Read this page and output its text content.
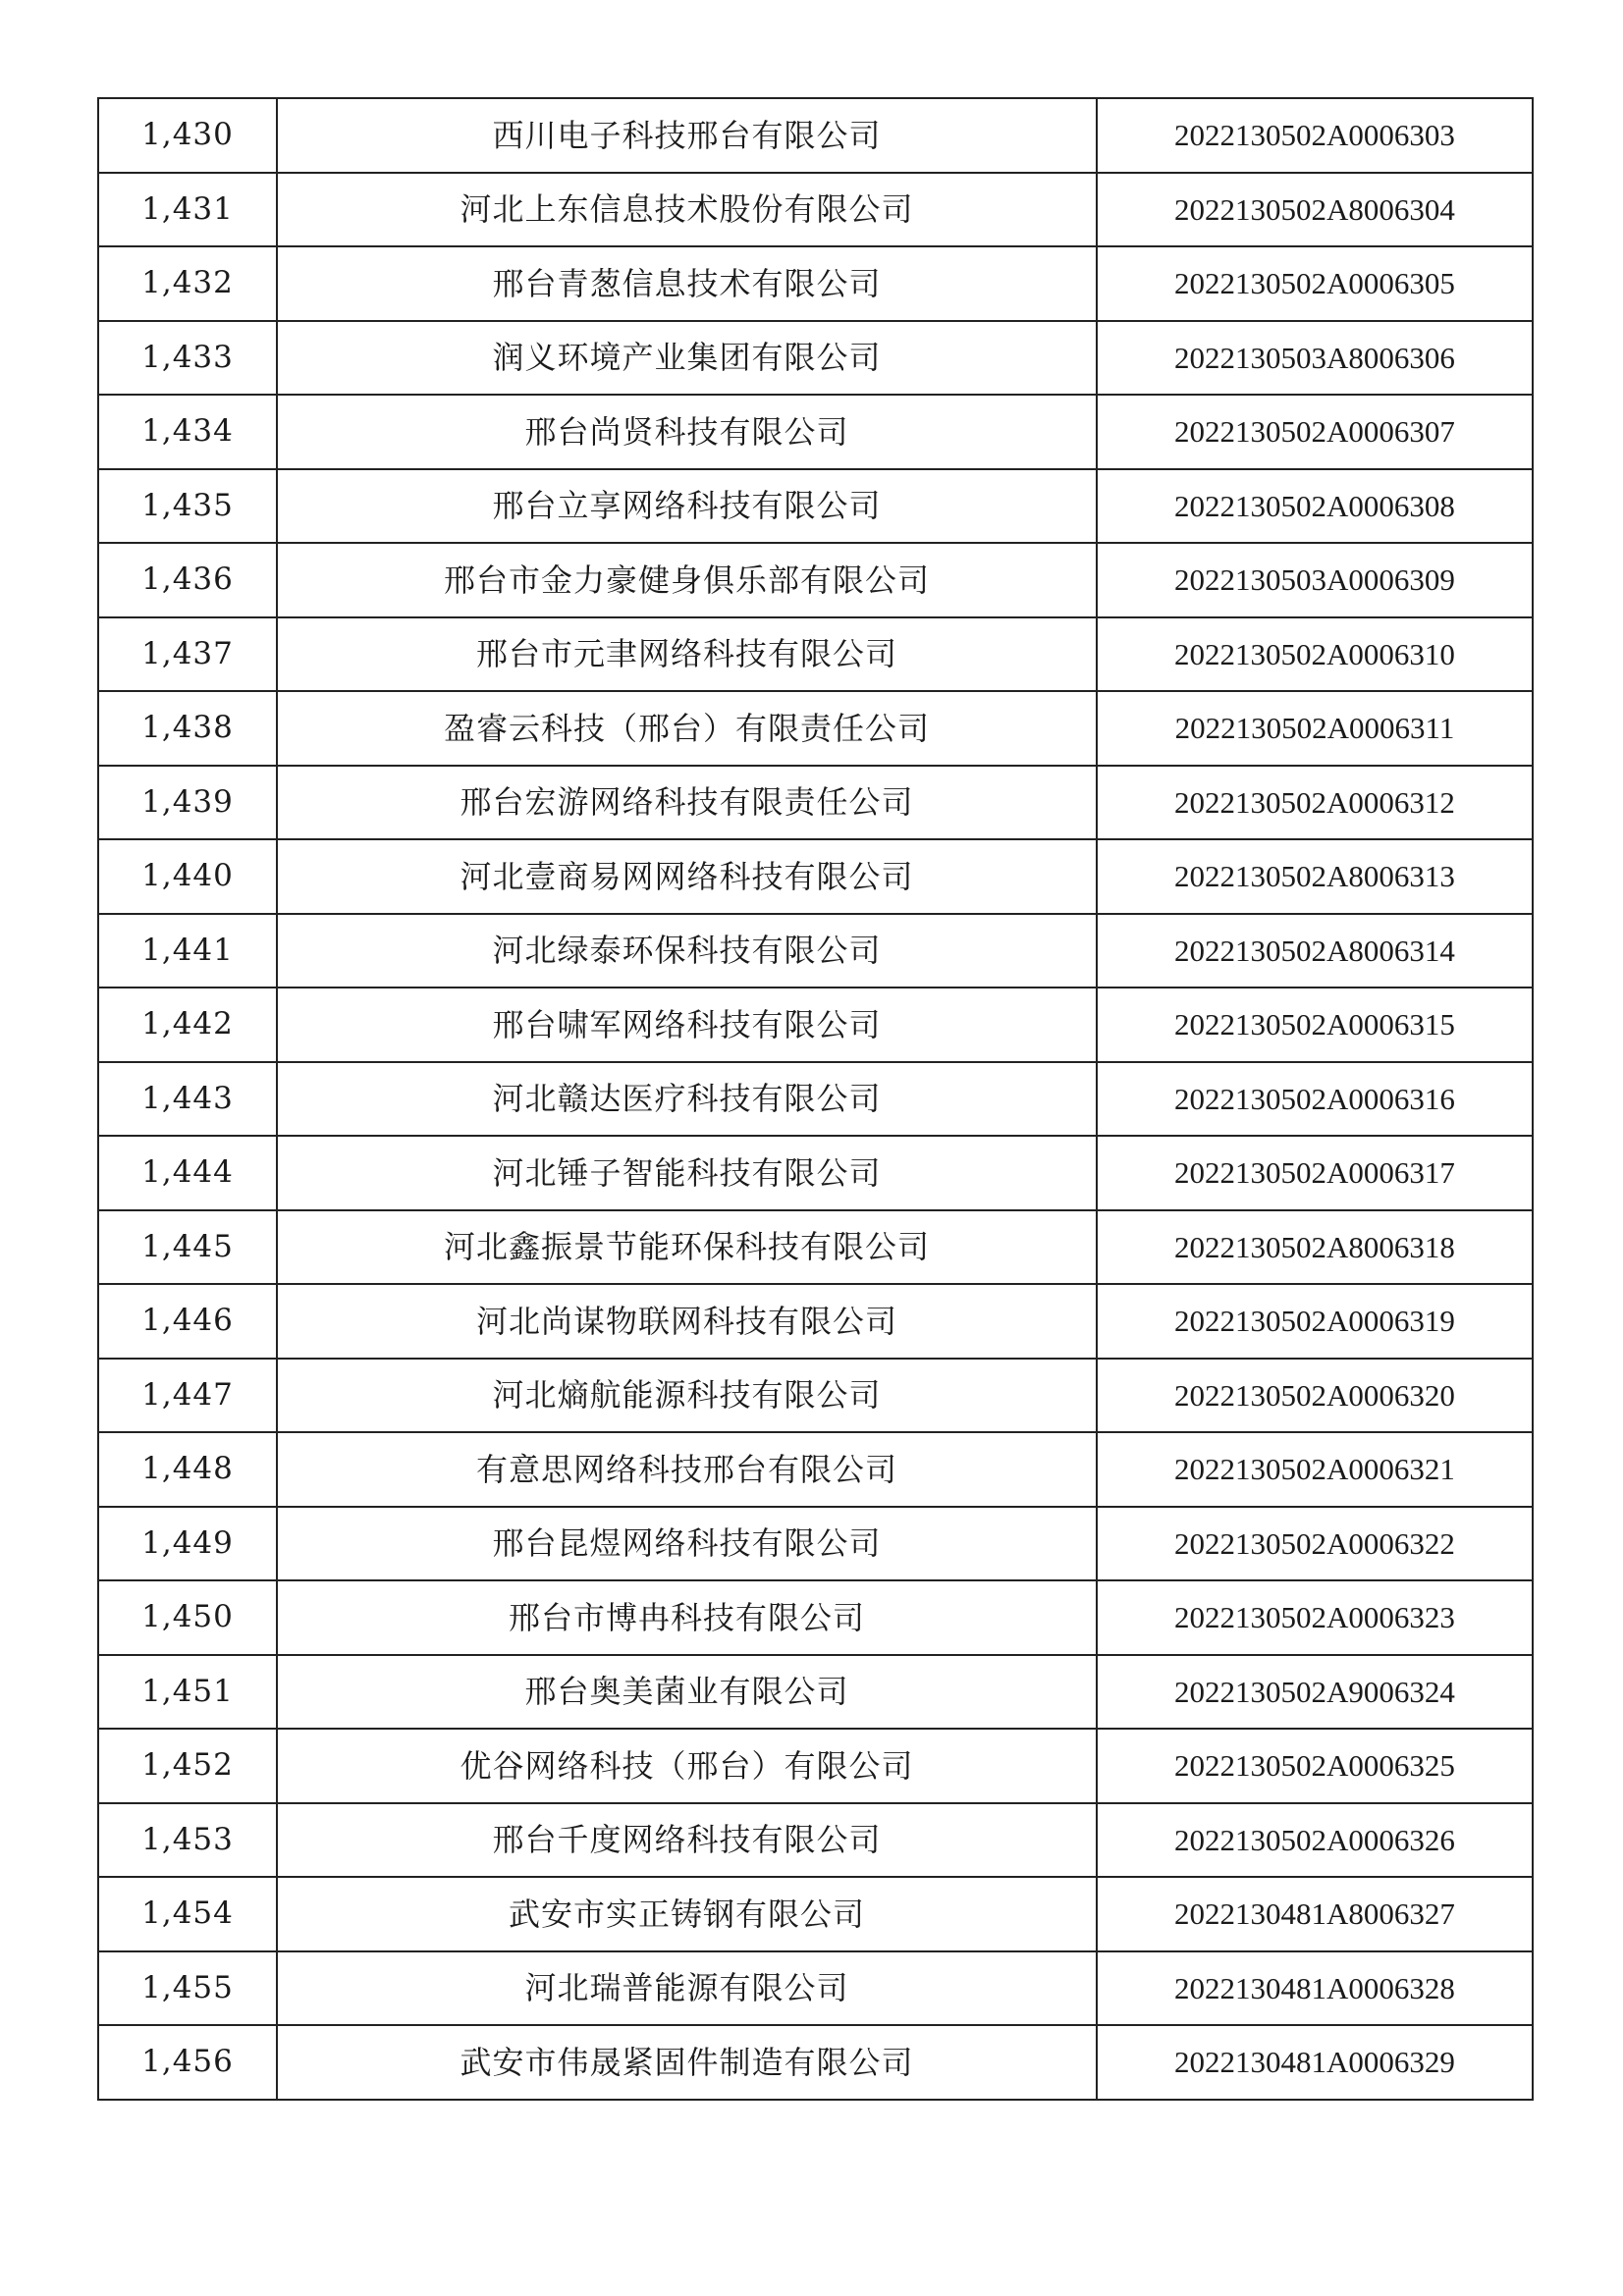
1,430	西川电子科技邢台有限公司	2022130502A0006303
1,431	河北上东信息技术股份有限公司	2022130502A8006304
1,432	邢台青葱信息技术有限公司	2022130502A0006305
1,433	润义环境产业集团有限公司	2022130503A8006306
1,434	邢台尚贤科技有限公司	2022130502A0006307
1,435	邢台立享网络科技有限公司	2022130502A0006308
1,436	邢台市金力豪健身俱乐部有限公司	2022130503A0006309
1,437	邢台市元聿网络科技有限公司	2022130502A0006310
1,438	盈睿云科技（邢台）有限责任公司	2022130502A0006311
1,439	邢台宏游网络科技有限责任公司	2022130502A0006312
1,440	河北壹商易网网络科技有限公司	2022130502A8006313
1,441	河北绿泰环保科技有限公司	2022130502A8006314
1,442	邢台啸军网络科技有限公司	2022130502A0006315
1,443	河北赣达医疗科技有限公司	2022130502A0006316
1,444	河北锤子智能科技有限公司	2022130502A0006317
1,445	河北鑫振景节能环保科技有限公司	2022130502A8006318
1,446	河北尚谋物联网科技有限公司	2022130502A0006319
1,447	河北熵航能源科技有限公司	2022130502A0006320
1,448	有意思网络科技邢台有限公司	2022130502A0006321
1,449	邢台昆煜网络科技有限公司	2022130502A0006322
1,450	邢台市博冉科技有限公司	2022130502A0006323
1,451	邢台奥美菌业有限公司	2022130502A9006324
1,452	优谷网络科技（邢台）有限公司	2022130502A0006325
1,453	邢台千度网络科技有限公司	2022130502A0006326
1,454	武安市实正铸钢有限公司	2022130481A8006327
1,455	河北瑞普能源有限公司	2022130481A0006328
1,456	武安市伟晟紧固件制造有限公司	2022130481A0006329
